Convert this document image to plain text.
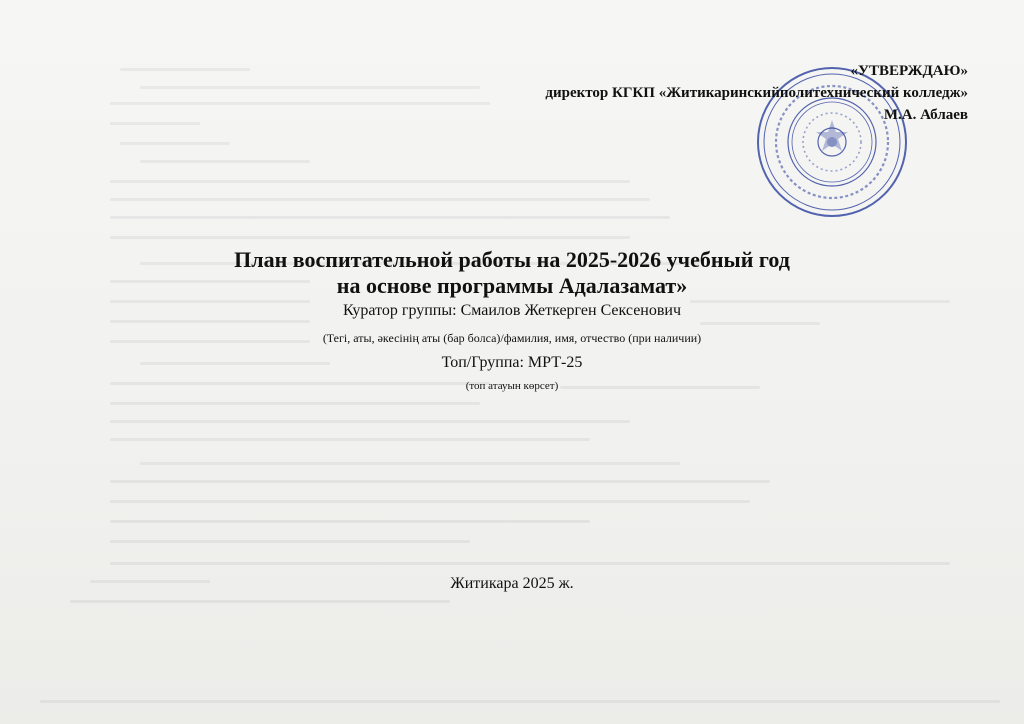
«УТВЕРЖДАЮ»
директор КГКП «Житикаринскийполитехнический колледж»
М.А. Аблаев
План воспитательной работы на 2025-2026 учебный год
на основе программы Адалазамат»
Куратор группы: Смаилов Жеткерген Сексенович
(Тегі, аты, әкесінің аты (бар болса)/фамилия, имя, отчество (при наличии)
Топ/Группа: МРТ-25
(топ атауын көрсет)
Житикара 2025 ж.
